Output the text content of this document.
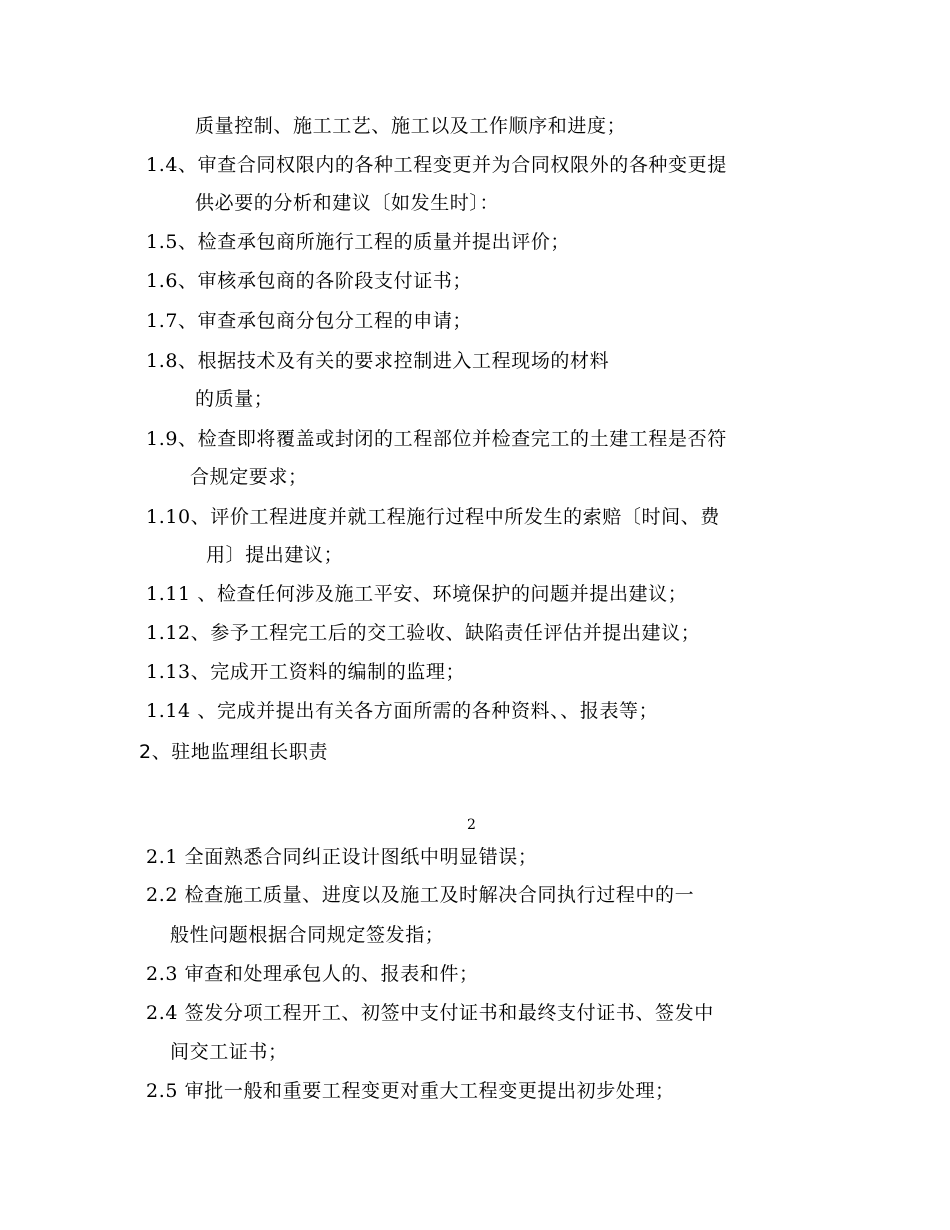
质量控制、施工工艺、施工以及工作顺序和进度；
1.4、审查合同权限内的各种工程变更并为合同权限外的各种变更提
供必要的分析和建议〔如发生时〕：
1.5、检查承包商所施行工程的质量并提出评价；
1.6、审核承包商的各阶段支付证书；
1.7、审查承包商分包分工程的申请；
1.8、根据技术及有关的要求控制进入工程现场的材料
的质量；
1.9、检查即将覆盖或封闭的工程部位并检查完工的土建工程是否符
合规定要求；
1.10、评价工程进度并就工程施行过程中所发生的索赔〔时间、费
用〕提出建议；
1.11 、检查任何涉及施工平安、环境保护的问题并提出建议；
1.12、参予工程完工后的交工验收、缺陷责任评估并提出建议；
1.13、完成开工资料的编制的监理；
1.14 、完成并提出有关各方面所需的各种资料、、报表等；
2、驻地监理组长职责
2
2.1 全面熟悉合同纠正设计图纸中明显错误；
2.2 检查施工质量、进度以及施工及时解决合同执行过程中的一
般性问题根据合同规定签发指；
2.3 审查和处理承包人的、报表和件；
2.4 签发分项工程开工、初签中支付证书和最终支付证书、签发中
间交工证书；
2.5 审批一般和重要工程变更对重大工程变更提出初步处理；
